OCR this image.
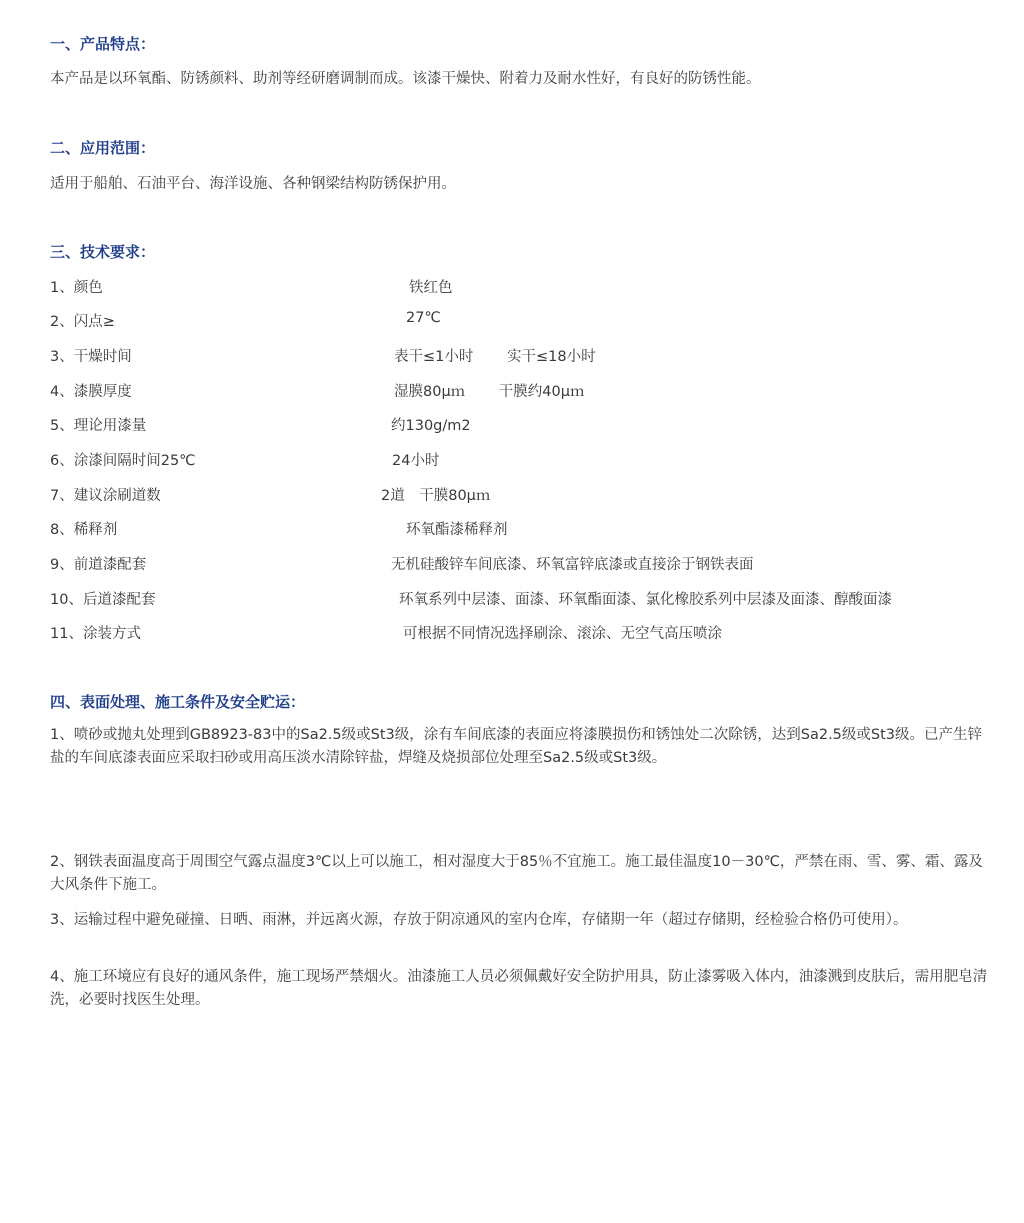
一、产品特点：
本产品是以环氧酯、防锈颜料、助剂等经研磨调制而成。该漆干燥快、附着力及耐水性好，有良好的防锈性能。
二、应用范围：
适用于船舶、石油平台、海洋设施、各种钢梁结构防锈保护用。
三、技术要求：
1、颜色	铁红色
2、闪点≥	27℃
3、干燥时间	表干≤1小时　　 实干≤18小时
4、漆膜厚度	湿膜80μｍ　　 干膜约40μｍ
5、理论用漆量	约130g/m2
6、涂漆间隔时间25℃	24小时
7、建议涂刷道数	2道　干膜80μｍ
8、稀释剂	环氧酯漆稀释剂
9、前道漆配套	无机硅酸锌车间底漆、环氧富锌底漆或直接涂于钢铁表面
10、后道漆配套	环氧系列中层漆、面漆、环氧酯面漆、氯化橡胶系列中层漆及面漆、醇酸面漆
11、涂装方式	可根据不同情况选择刷涂、滚涂、无空气高压喷涂
四、表面处理、施工条件及安全贮运：
1、喷砂或抛丸处理到GB8923-83中的Sa2.5级或St3级，涂有车间底漆的表面应将漆膜损伤和锈蚀处二次除锈，达到Sa2.5级或St3级。已产生锌盐的车间底漆表面应采取扫砂或用高压淡水清除锌盐，焊缝及烧损部位处理至Sa2.5级或St3级。
2、钢铁表面温度高于周围空气露点温度3℃以上可以施工，相对湿度大于85％不宜施工。施工最佳温度10－30℃，严禁在雨、雪、雾、霜、露及大风条件下施工。
3、运输过程中避免碰撞、日晒、雨淋，并远离火源，存放于阴凉通风的室内仓库，存储期一年（超过存储期，经检验合格仍可使用）。
4、施工环境应有良好的通风条件，施工现场严禁烟火。油漆施工人员必须佩戴好安全防护用具，防止漆雾吸入体内，油漆溅到皮肤后，需用肥皂清洗，必要时找医生处理。
